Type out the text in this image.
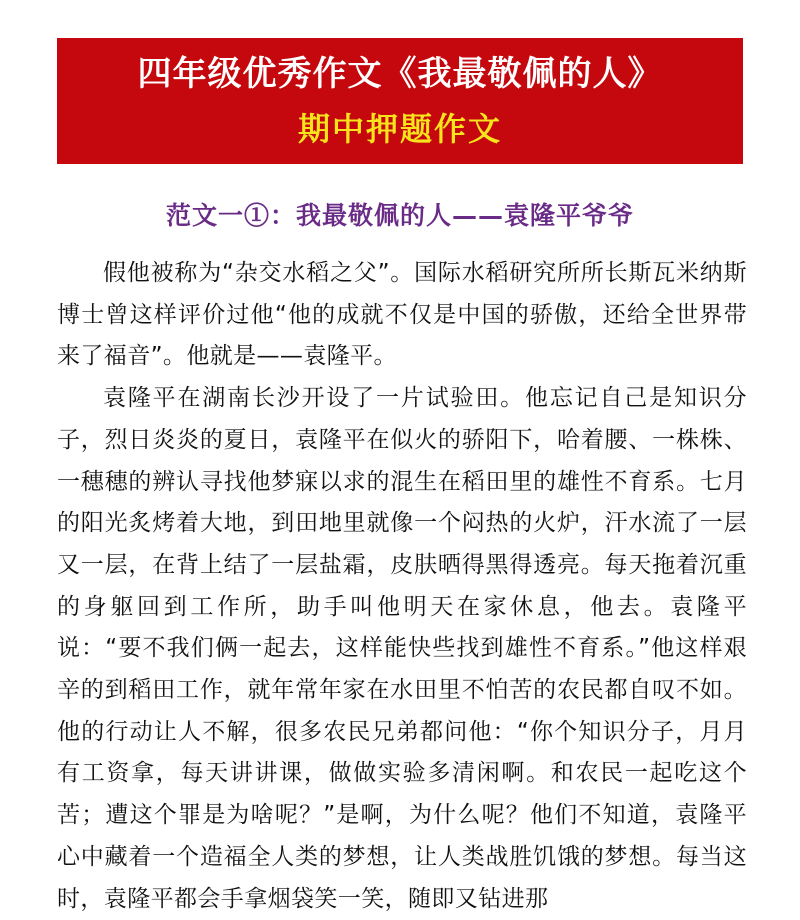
四年级优秀作文《我最敬佩的人》
期中押题作文
范文一①：我最敬佩的人——袁隆平爷爷

假他被称为“杂交水稻之父”。国际水稻研究所所长斯瓦米纳斯博士曾这样评价过他“他的成就不仅是中国的骄傲，还给全世界带来了福音”。他就是——袁隆平。

袁隆平在湖南长沙开设了一片试验田。他忘记自己是知识分子，烈日炎炎的夏日，袁隆平在似火的骄阳下，哈着腰、一株株、一穗穗的辨认寻找他梦寐以求的混生在稻田里的雄性不育系。七月的阳光炙烤着大地，到田地里就像一个闷热的火炉，汗水流了一层又一层，在背上结了一层盐霜，皮肤晒得黑得透亮。每天拖着沉重的身躯回到工作所，助手叫他明天在家休息，他去。袁隆平说：“要不我们俩一起去，这样能快些找到雄性不育系。”他这样艰辛的到稻田工作，就年常年家在水田里不怕苦的农民都自叹不如。他的行动让人不解，很多农民兄弟都问他：“你个知识分子，月月有工资拿，每天讲讲课，做做实验多清闲啊。和农民一起吃这个苦；遭这个罪是为啥呢？”是啊，为什么呢？他们不知道，袁隆平心中藏着一个造福全人类的梦想，让人类战胜饥饿的梦想。每当这时，袁隆平都会手拿烟袋笑一笑，随即又钻进那
